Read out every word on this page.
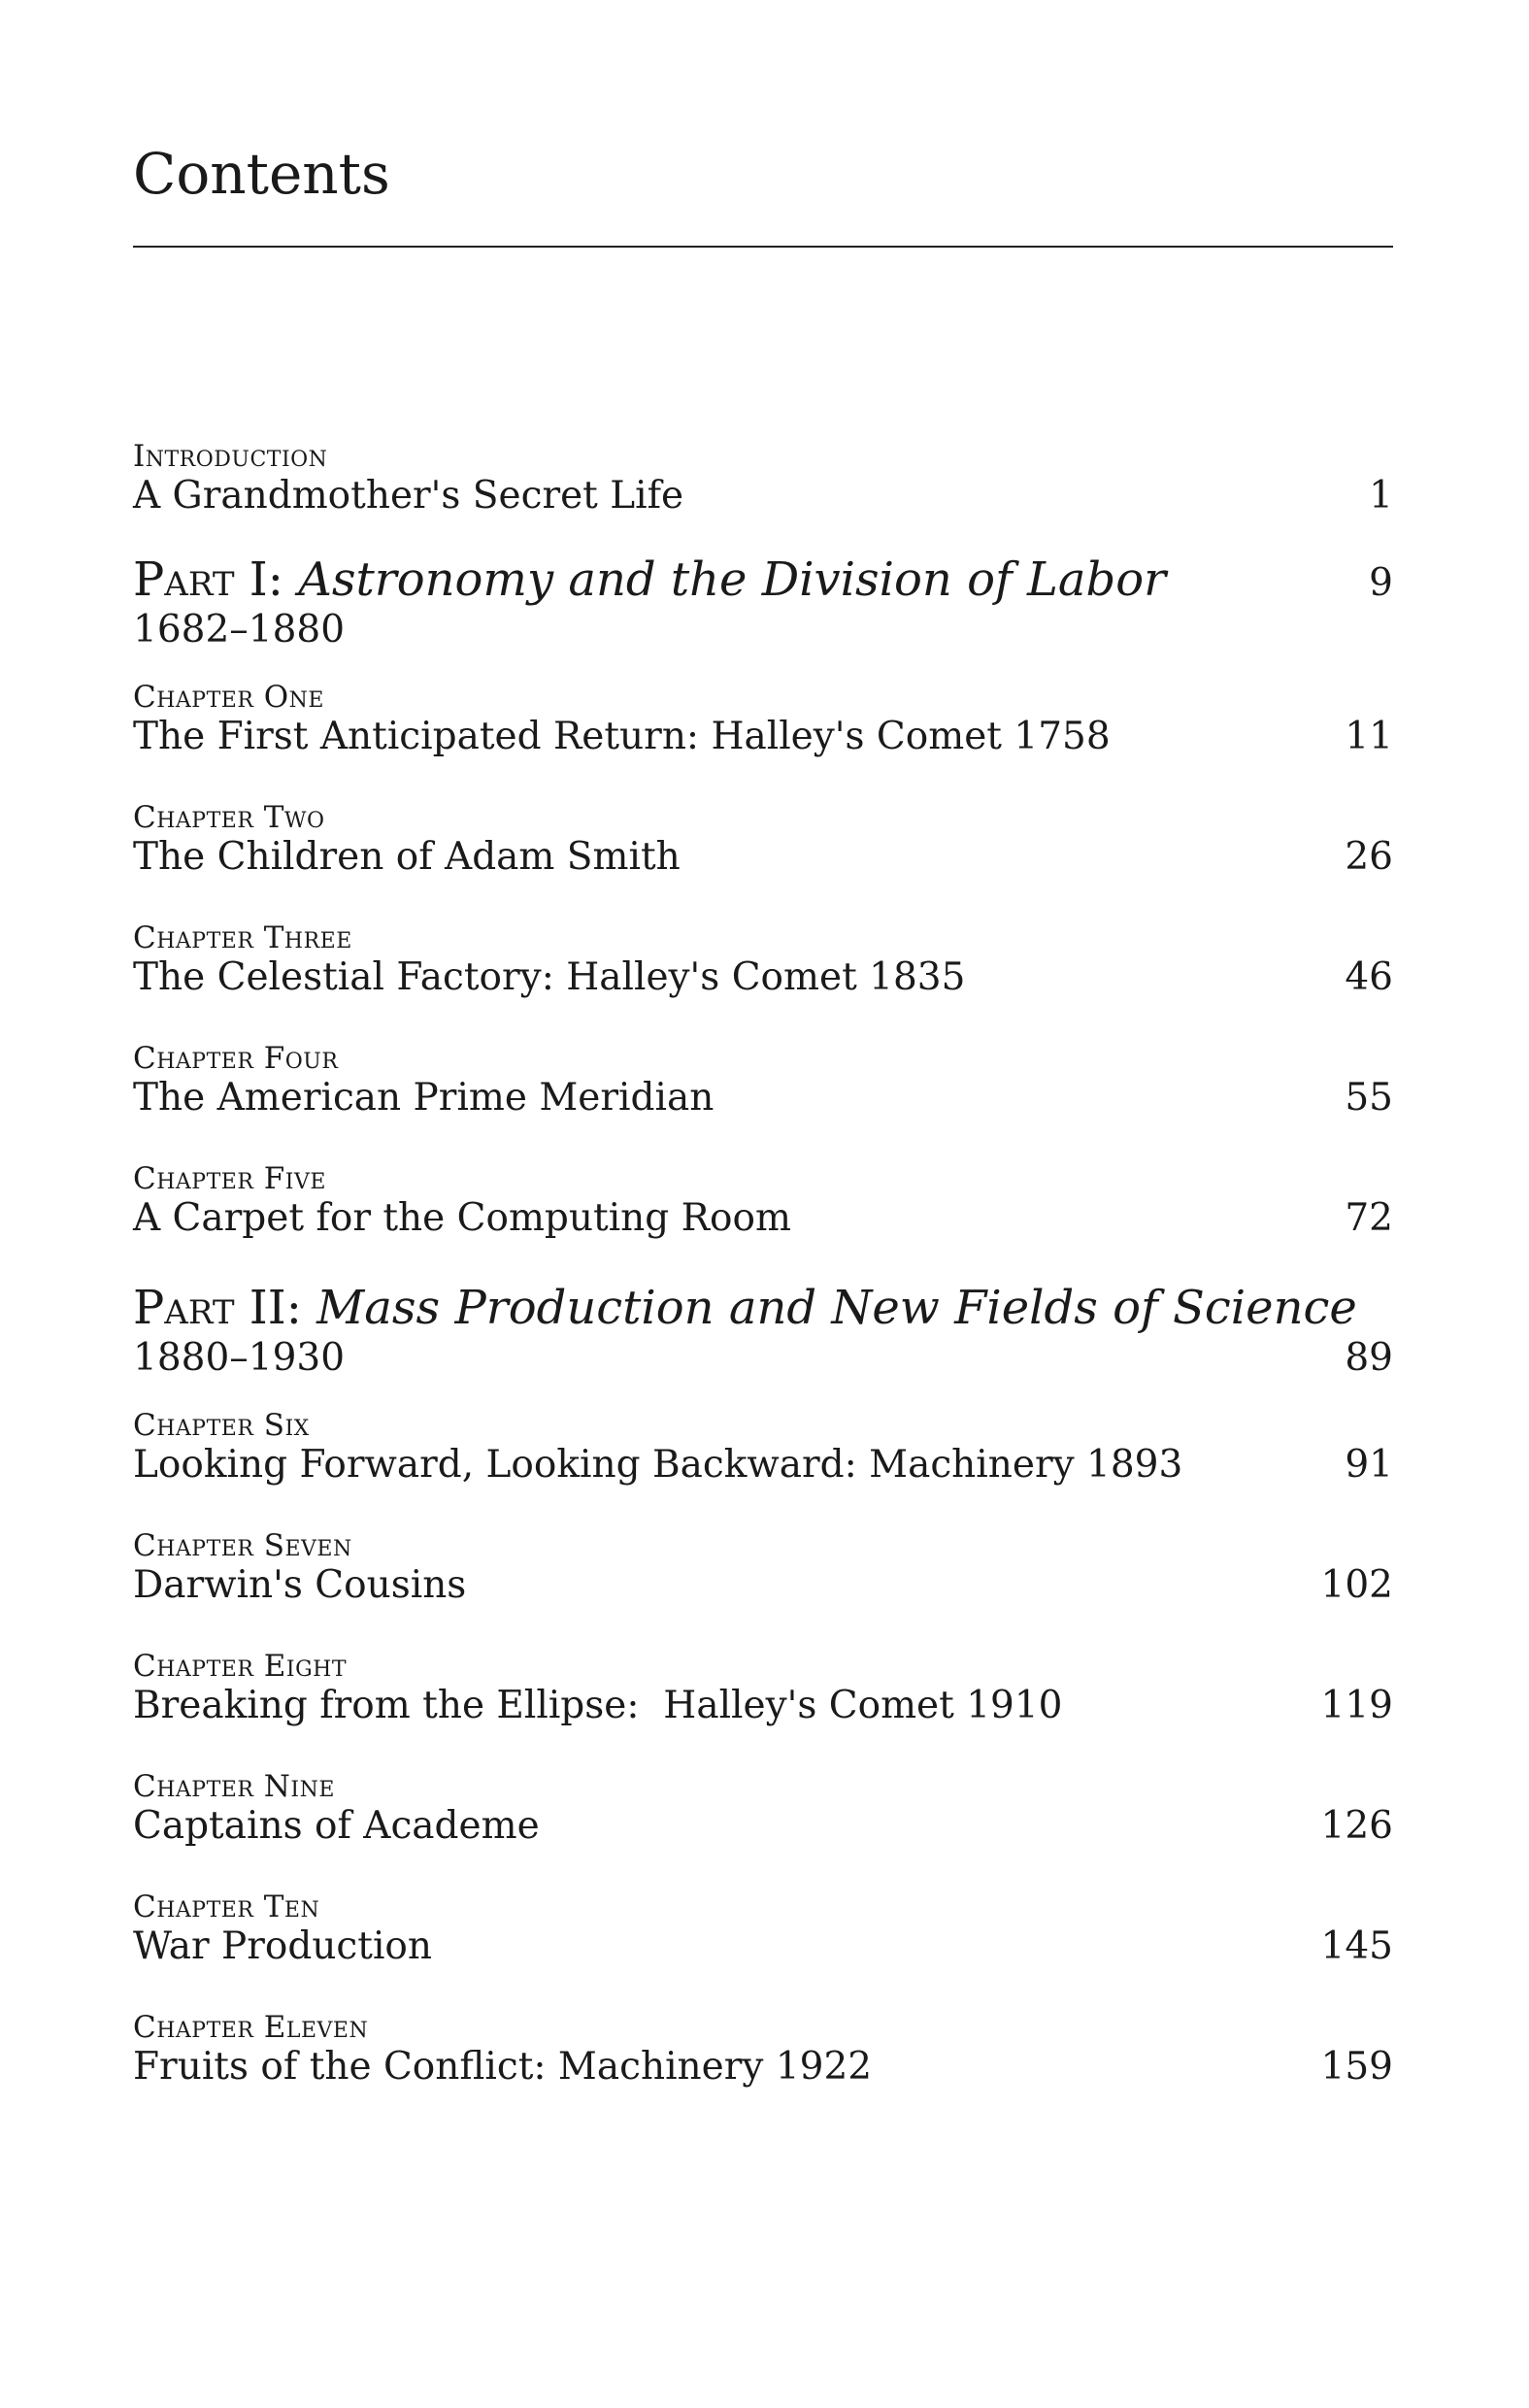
Contents
Introduction
A Grandmother's Secret Life	1
Part I: Astronomy and the Division of Labor	9
1682–1880
Chapter One
The First Anticipated Return: Halley's Comet 1758	11
Chapter Two
The Children of Adam Smith	26
Chapter Three
The Celestial Factory: Halley's Comet 1835	46
Chapter Four
The American Prime Meridian	55
Chapter Five
A Carpet for the Computing Room	72
Part II: Mass Production and New Fields of Science
1880–1930	89
Chapter Six
Looking Forward, Looking Backward: Machinery 1893	91
Chapter Seven
Darwin's Cousins	102
Chapter Eight
Breaking from the Ellipse:  Halley's Comet 1910	119
Chapter Nine
Captains of Academe	126
Chapter Ten
War Production	145
Chapter Eleven
Fruits of the Conflict: Machinery 1922	159
